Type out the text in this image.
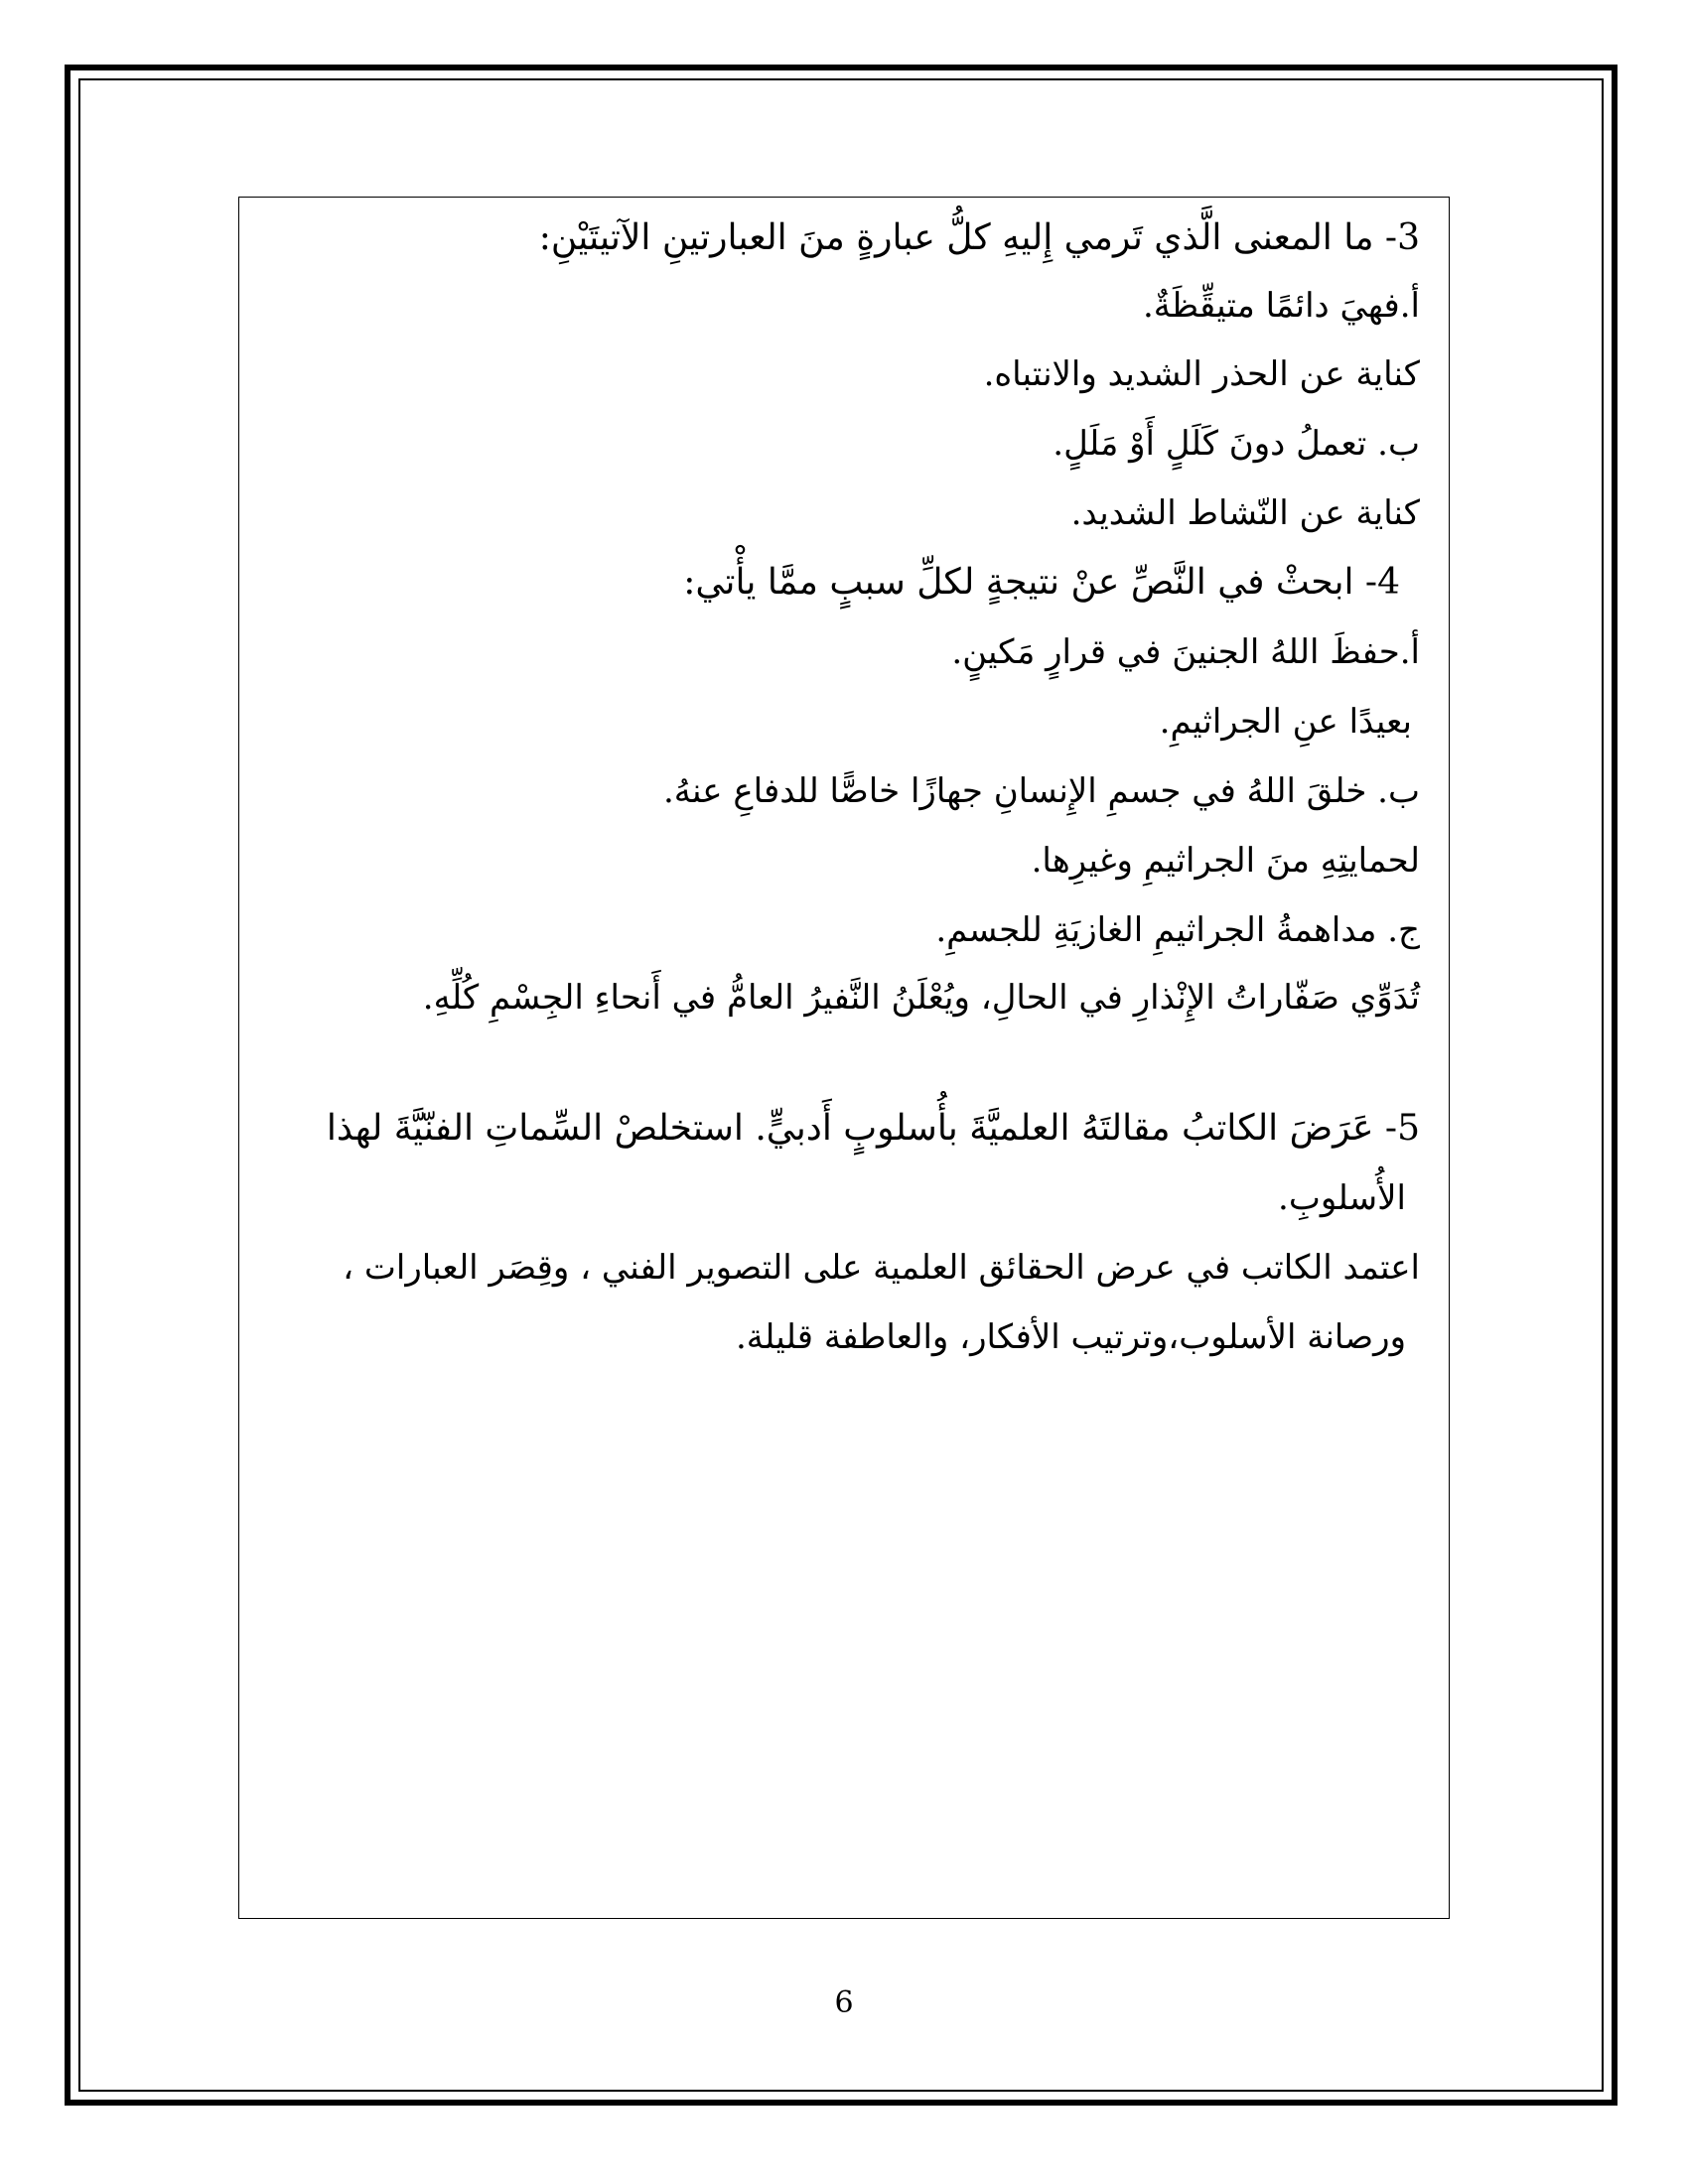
3- ما المعنى الَّذي تَرمي إِليهِ كلُّ عبارةٍ منَ العبارتينِ الآتيتَيْنِ:
أ.فهيَ دائمًا متيقِّظَةٌ.
كناية عن الحذر الشديد والانتباه.
ب. تعملُ دونَ كَلَلٍ أَوْ مَلَلٍ.
كناية عن النّشاط الشديد.
4- ابحثْ في النَّصِّ عنْ نتيجةٍ لكلِّ سببٍ ممَّا يأْتي:
أ.حفظَ اللهُ الجنينَ في قرارٍ مَكينٍ.
بعيدًا عنِ الجراثيمِ.
ب. خلقَ اللهُ في جسمِ الإِنسانِ جهازًا خاصًّا للدفاعِ عنهُ.
لحمايتِهِ منَ الجراثيمِ وغيرِها.
ج. مداهمةُ الجراثيمِ الغازيَةِ للجسمِ.
تُدَوِّي صَفّاراتُ الإِنْذارِ في الحالِ، ويُعْلَنُ النَّفيرُ العامُّ في أَنحاءِ الجِسْمِ كُلِّهِ.
5- عَرَضَ الكاتبُ مقالتَهُ العلميَّةَ بأُسلوبٍ أَدبيٍّ. استخلصْ السِّماتِ الفنّيَّةَ لهذا
الأُسلوبِ.
اعتمد الكاتب في عرض الحقائق العلمية على التصوير الفني ، وقِصَر العبارات ،
ورصانة الأسلوب،وترتيب الأفكار، والعاطفة قليلة.
6
